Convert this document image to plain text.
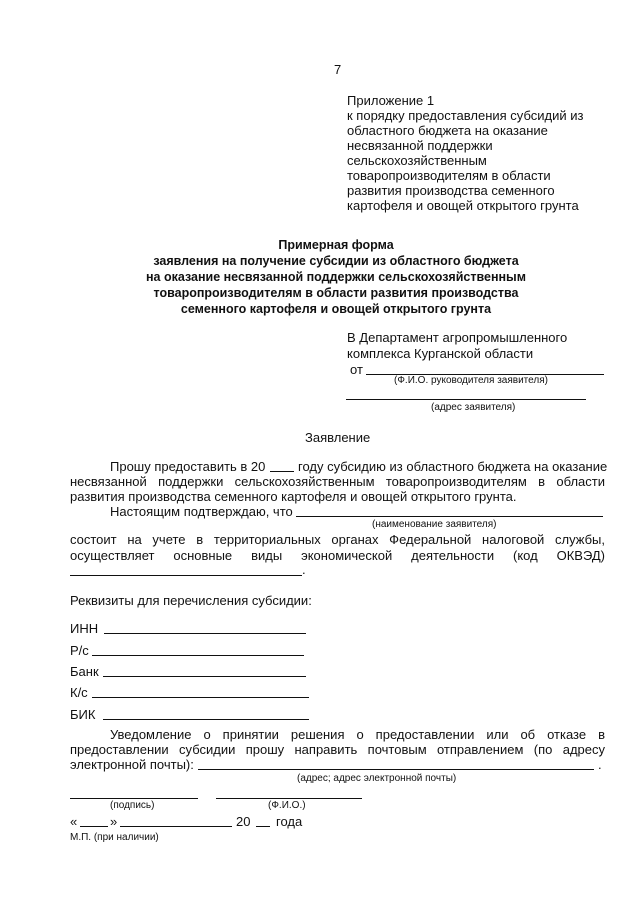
7
Приложение 1
к порядку предоставления субсидий из
областного бюджета на оказание
несвязанной поддержки
сельскохозяйственным
товаропроизводителям в области
развития производства семенного
картофеля и овощей открытого грунта
Примерная форма
заявления на получение субсидии из областного бюджета
на оказание несвязанной поддержки сельскохозяйственным
товаропроизводителям в области развития производства
семенного картофеля и овощей открытого грунта
В Департамент агропромышленного
комплекса Курганской области
от
(Ф.И.О. руководителя заявителя)
(адрес заявителя)
Заявление
Прошу предоставить в 20	году субсидию из областного бюджета на оказание
несвязанной поддержки сельскохозяйственным товаропроизводителям в области
развития производства семенного картофеля и овощей открытого грунта.
Настоящим подтверждаю, что
(наименование заявителя)
состоит на учете в территориальных органах Федеральной налоговой службы,
осуществляет основные виды экономической деятельности (код ОКВЭД)
.
Реквизиты для перечисления субсидии:
ИНН
Р/с
Банк
К/с
БИК
Уведомление о принятии решения о предоставлении или об отказе в
предоставлении субсидии прошу направить почтовым отправлением (по адресу
электронной почты):	.
(адрес; адрес электронной почты)
(подпись)	(Ф.И.О.)
«	»	20 года
М.П. (при наличии)
